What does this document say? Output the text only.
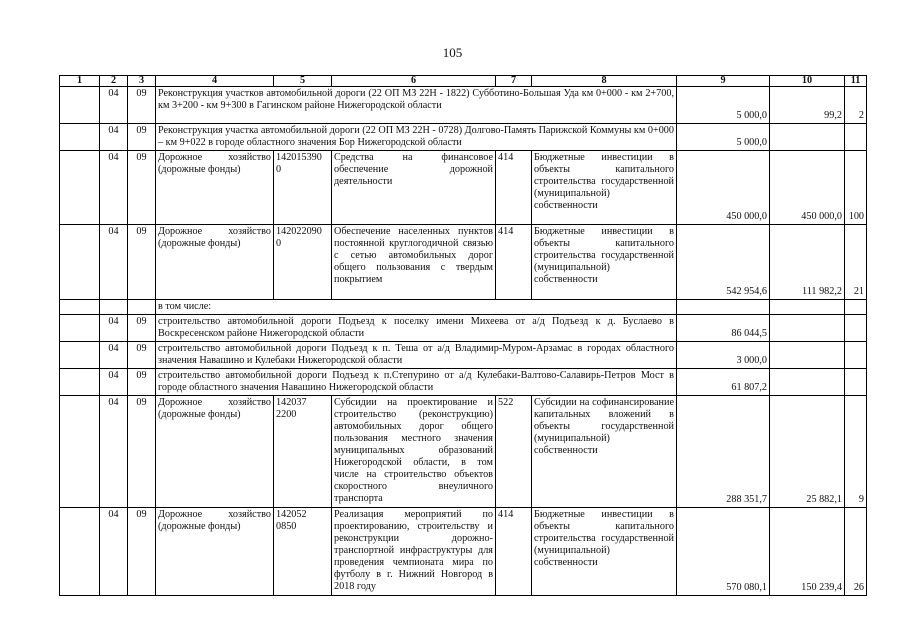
105
1	2	3	4	5	6	7	8	9	10	11
	04	09	Реконструкция участков автомобильной дороги (22 ОП МЗ 22Н - 1822) Субботино-Большая Уда км 0+000 - км 2+700, км 3+200 - км 9+300 в Гагинском районе Нижегородской области					5 000,0	99,2	2
	04	09	Реконструкция участка автомобильной дороги (22 ОП МЗ 22Н - 0728) Долгово-Память Парижской Коммуны км 0+000 – км 9+022 в городе областного значения Бор Нижегородской области					5 000,0		
	04	09	Дорожное хозяйство (дорожные фонды)	142015390 0	Средства на финансовое обеспечение дорожной деятельности	414	Бюджетные инвестиции в объекты капитального строительства государственной (муниципальной) собственности	450 000,0	450 000,0	100
	04	09	Дорожное хозяйство (дорожные фонды)	142022090 0	Обеспечение населенных пунктов постоянной круглогодичной связью с сетью автомобильных дорог общего пользования с твердым покрытием	414	Бюджетные инвестиции в объекты капитального строительства государственной (муниципальной) собственности	542 954,6	111 982,2	21
			в том числе:							
	04	09	строительство автомобильной дороги Подъезд к поселку имени Михеева от а/д Подъезд к д. Буслаево в Воскресенском районе Нижегородской области					86 044,5		
	04	09	строительство автомобильной дороги Подъезд к п. Теша от а/д Владимир-Муром-Арзамас в городах областного значения Навашино и Кулебаки Нижегородской области					3 000,0		
	04	09	строительство автомобильной дороги Подъезд к п.Степурино от а/д Кулебаки-Валтово-Салавирь-Петров Мост в городе областного значения Навашино Нижегородской области					61 807,2		
	04	09	Дорожное хозяйство (дорожные фонды)	142037 2200	Субсидии на проектирование и строительство (реконструкцию) автомобильных дорог общего пользования местного значения муниципальных образований Нижегородской области, в том числе на строительство объектов скоростного внеуличного транспорта	522	Субсидии на софинансирование капитальных вложений в объекты государственной (муниципальной) собственности	288 351,7	25 882,1	9
	04	09	Дорожное хозяйство (дорожные фонды)	142052 0850	Реализация мероприятий по проектированию, строительству и реконструкции дорожно-транспортной инфраструктуры для проведения чемпионата мира по футболу в г. Нижний Новгород в 2018 году	414	Бюджетные инвестиции в объекты капитального строительства государственной (муниципальной) собственности	570 080,1	150 239,4	26
